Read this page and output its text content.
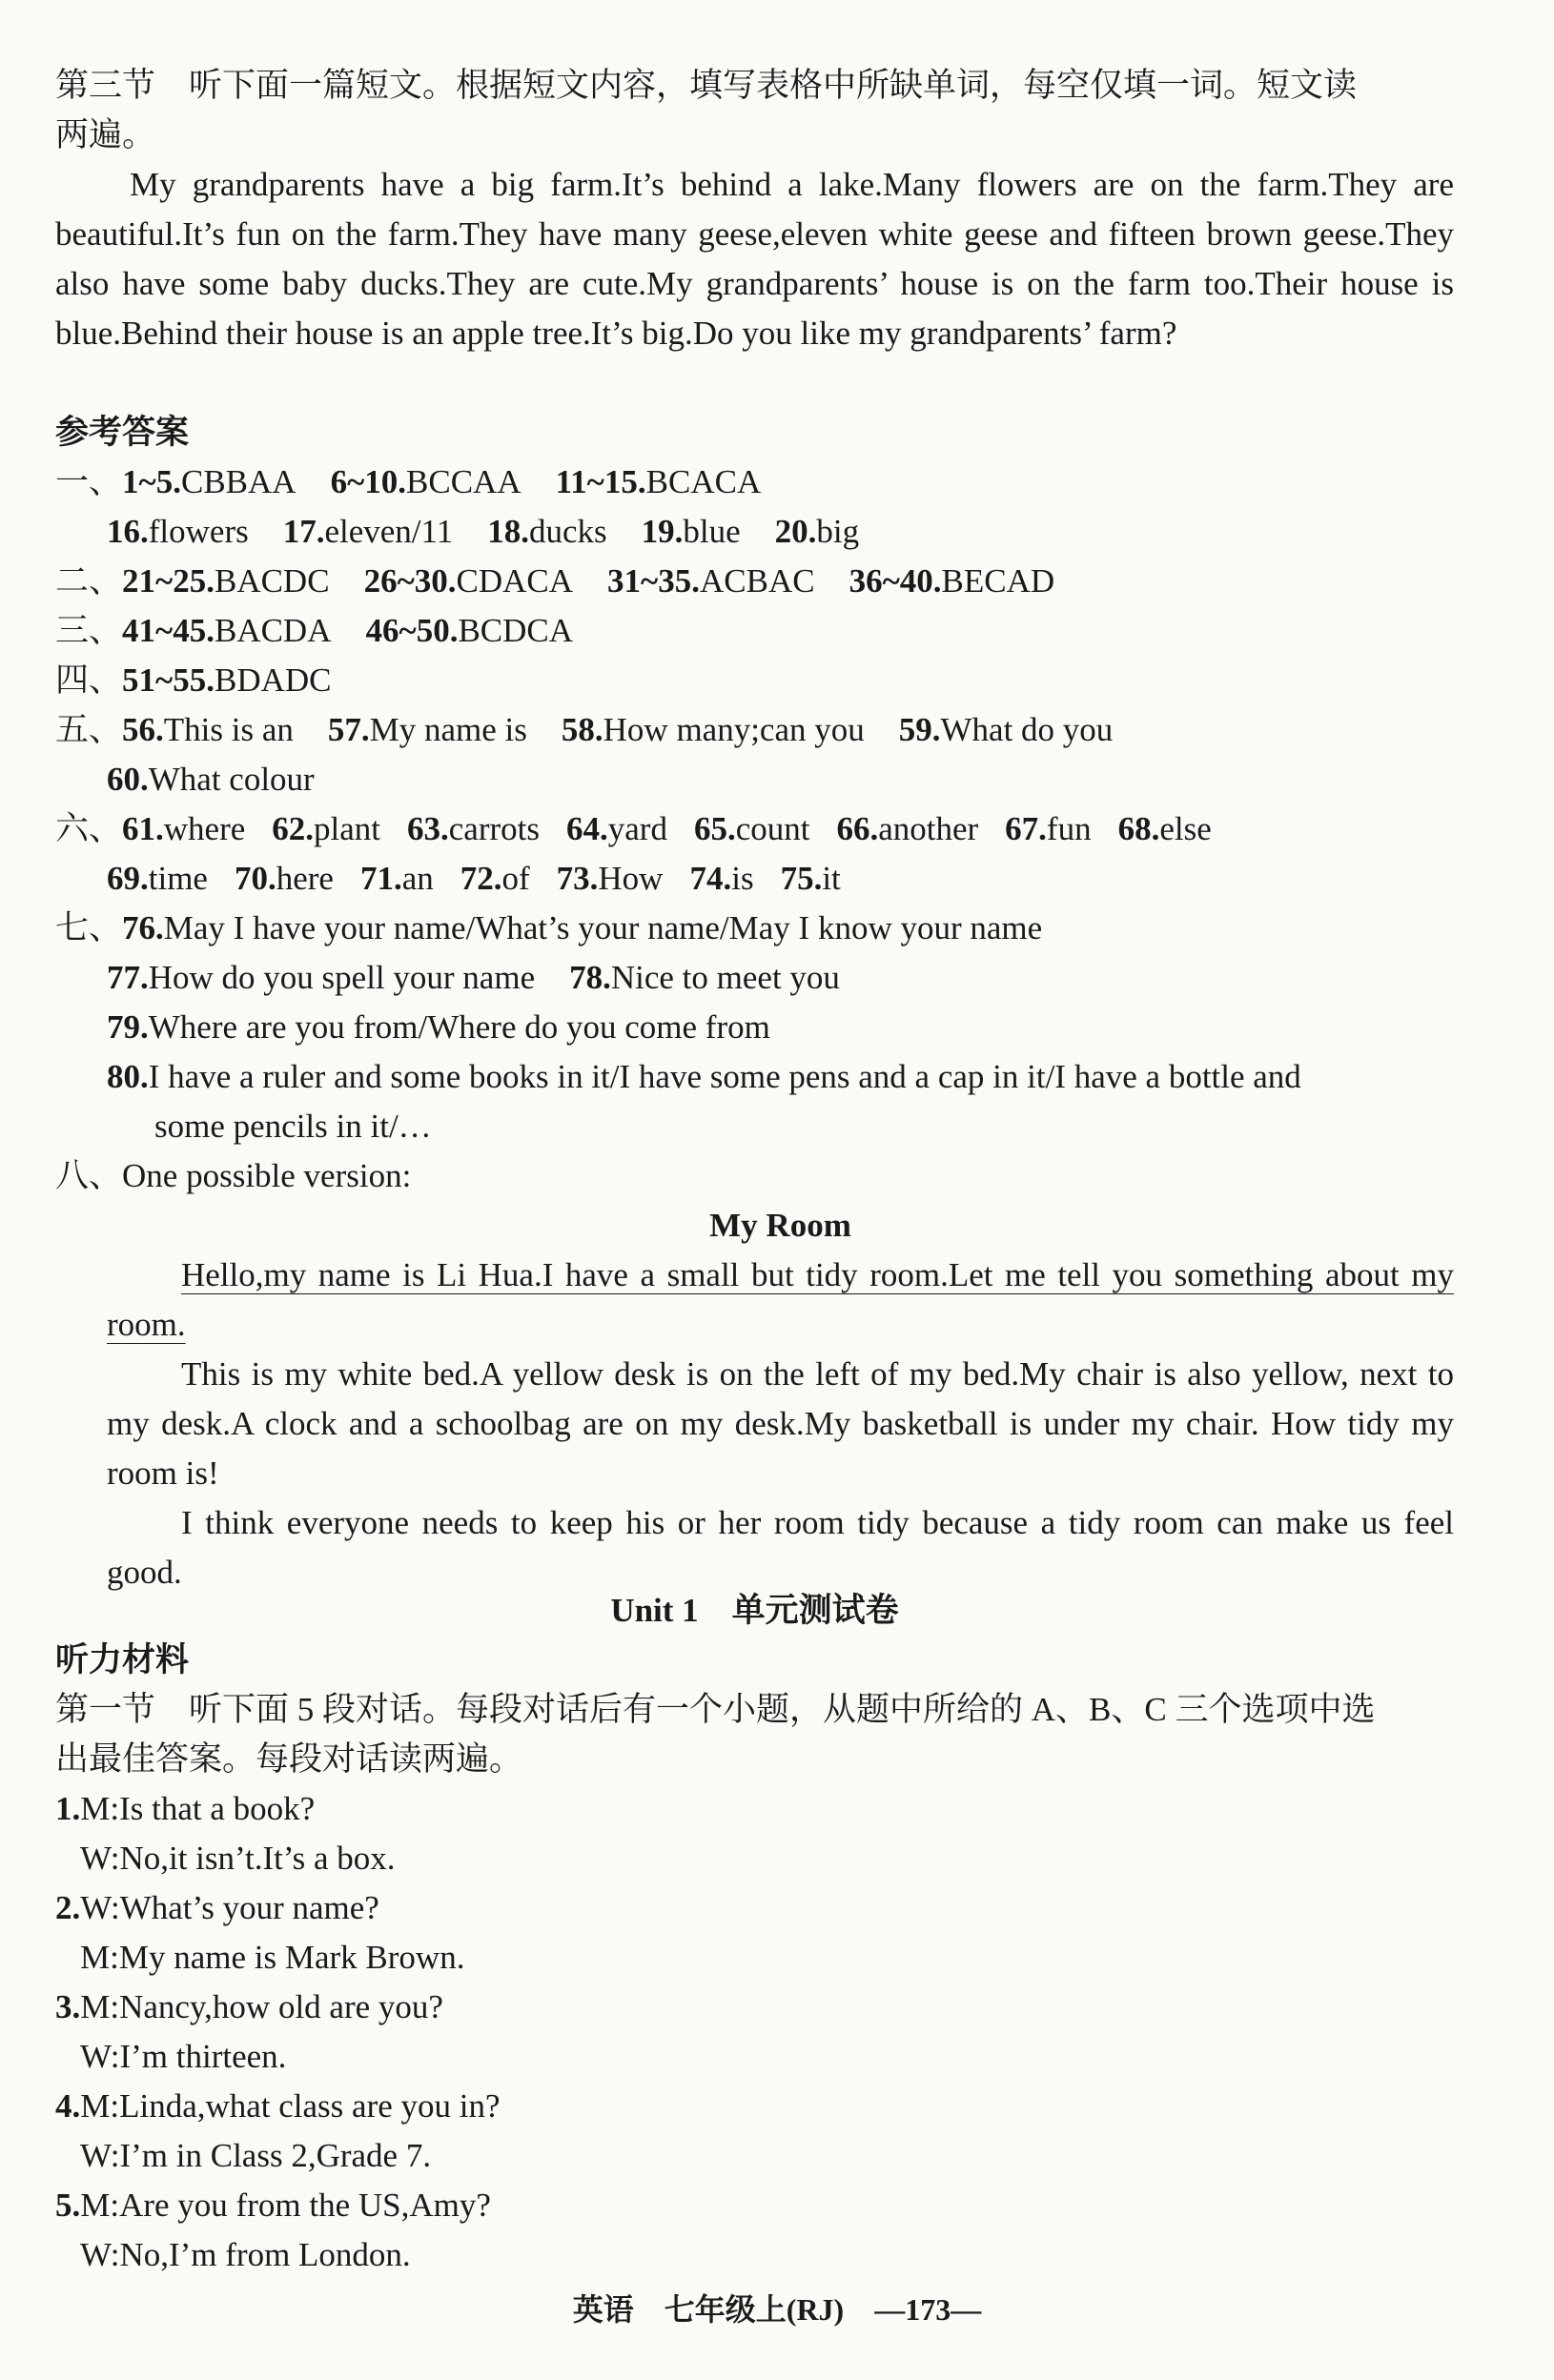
第三节　听下面一篇短文。根据短文内容，填写表格中所缺单词，每空仅填一词。短文读
两遍。
My grandparents have a big farm.It’s behind a lake.Many flowers are on the farm.They are beautiful.It’s fun on the farm.They have many geese,eleven white geese and fifteen brown geese.They also have some baby ducks.They are cute.My grandparents’ house is on the farm too.Their house is blue.Behind their house is an apple tree.It’s big.Do you like my grandparents’ farm?
参考答案
一、1~5.CBBAA 6~10.BCCAA 11~15.BCACA
16.flowers 17.eleven/11 18.ducks 19.blue 20.big
二、21~25.BACDC 26~30.CDACA 31~35.ACBAC 36~40.BECAD
三、41~45.BACDA 46~50.BCDCA
四、51~55.BDADC
五、56.This is an 57.My name is 58.How many;can you 59.What do you
60.What colour
六、61.where 62.plant 63.carrots 64.yard 65.count 66.another 67.fun 68.else
69.time 70.here 71.an 72.of 73.How 74.is 75.it
七、76.May I have your name/What’s your name/May I know your name
77.How do you spell your name 78.Nice to meet you
79.Where are you from/Where do you come from
80.I have a ruler and some books in it/I have some pens and a cap in it/I have a bottle and
some pencils in it/…
八、One possible version:
My Room
Hello,my name is Li Hua.I have a small but tidy room.Let me tell you something about my room.
This is my white bed.A yellow desk is on the left of my bed.My chair is also yellow, next to my desk.A clock and a schoolbag are on my desk.My basketball is under my chair. How tidy my room is!
I think everyone needs to keep his or her room tidy because a tidy room can make us feel good.
Unit 1　单元测试卷
听力材料
第一节　听下面 5 段对话。每段对话后有一个小题，从题中所给的 A、B、C 三个选项中选
出最佳答案。每段对话读两遍。
1.M:Is that a book?
W:No,it isn’t.It’s a box.
2.W:What’s your name?
M:My name is Mark Brown.
3.M:Nancy,how old are you?
W:I’m thirteen.
4.M:Linda,what class are you in?
W:I’m in Class 2,Grade 7.
5.M:Are you from the US,Amy?
W:No,I’m from London.
英语　七年级上(RJ)　—173—
